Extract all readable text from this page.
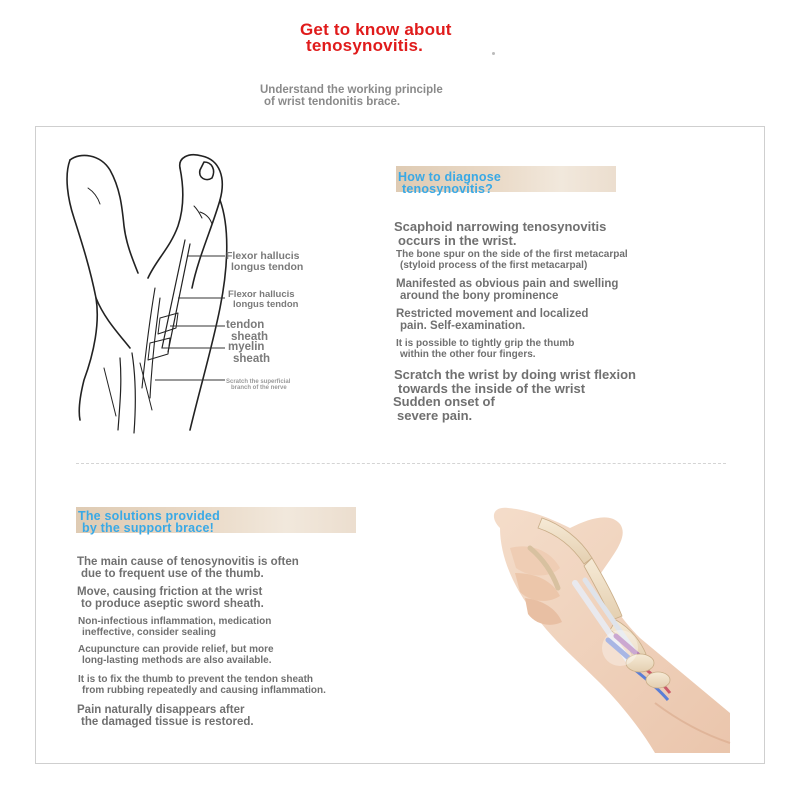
Get to know about
tenosynovitis.
Understand the working principle
of wrist tendonitis brace.
Flexor hallucis
longus tendon
Flexor hallucis
longus tendon
tendon
sheath
myelin
sheath
Scratch the superficial
branch of the nerve
How to diagnose
tenosynovitis?
Scaphoid narrowing tenosynovitis
occurs in the wrist.
The bone spur on the side of the first metacarpal
(styloid process of the first metacarpal)
Manifested as obvious pain and swelling
around the bony prominence
Restricted movement and localized
pain. Self-examination.
It is possible to tightly grip the thumb
within the other four fingers.
Scratch the wrist by doing wrist flexion
towards the inside of the wrist
Sudden onset of
severe pain.
The solutions provided
by the support brace!
The main cause of tenosynovitis is often
due to frequent use of the thumb.
Move, causing friction at the wrist
to produce aseptic sword sheath.
Non-infectious inflammation, medication
ineffective, consider sealing
Acupuncture can provide relief, but more
long-lasting methods are also available.
It is to fix the thumb to prevent the tendon sheath
from rubbing repeatedly and causing inflammation.
Pain naturally disappears after
the damaged tissue is restored.
